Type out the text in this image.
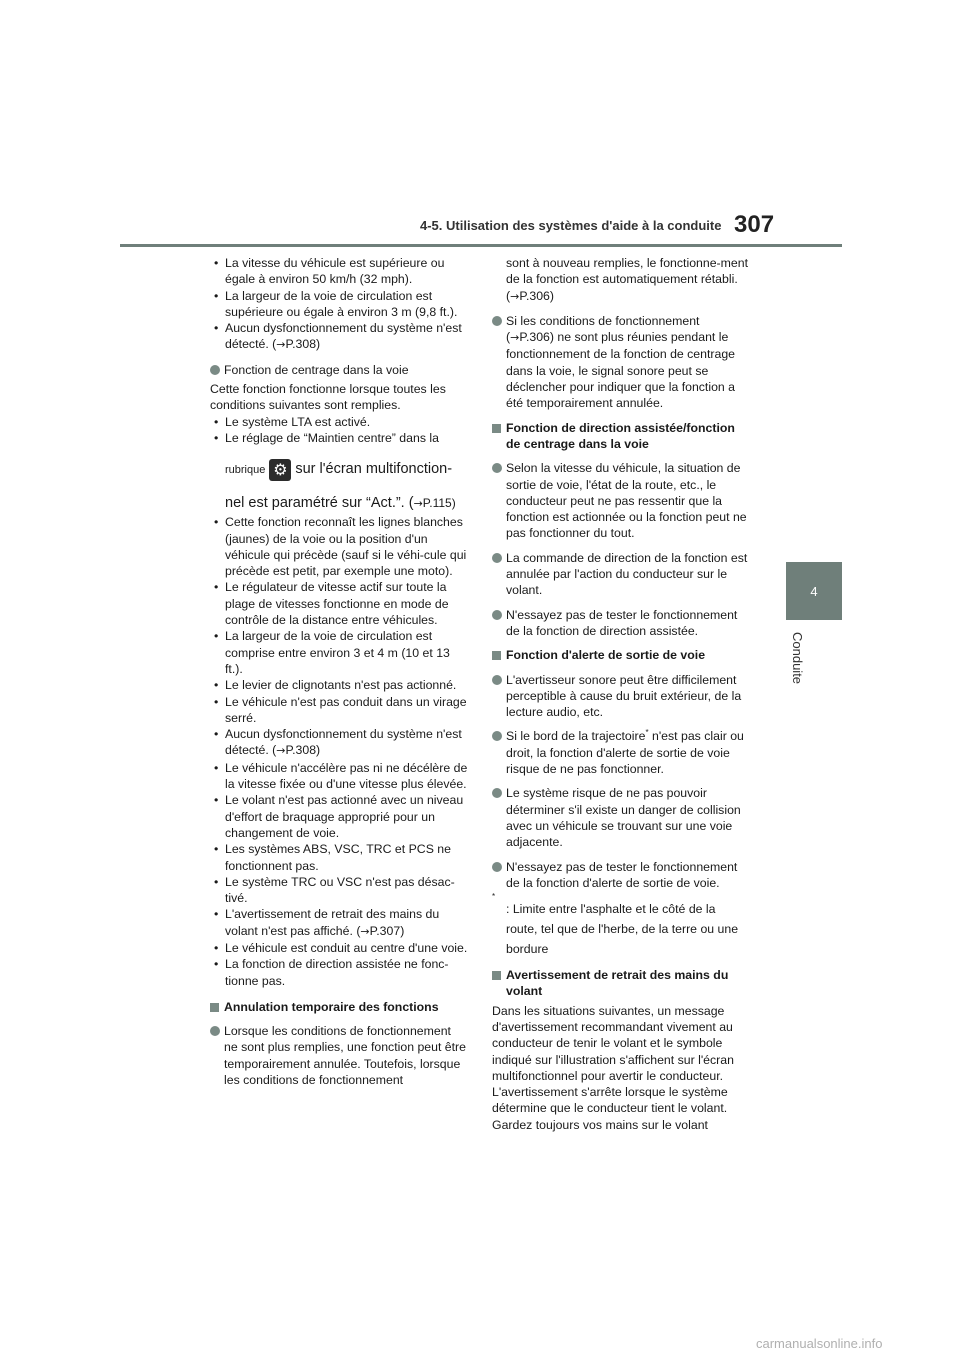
4-5. Utilisation des systèmes d'aide à la conduite 307
4
Conduite

• La vitesse du véhicule est supérieure ou égale à environ 50 km/h (32 mph).

• La largeur de la voie de circulation est supérieure ou égale à environ 3 m (9,8 ft.).

• Aucun dysfonctionnement du système n'est détecté. (→P.308)

Fonction de centrage dans la voie

Cette fonction fonctionne lorsque toutes les conditions suivantes sont remplies.

• Le système LTA est activé.

• Le réglage de “Maintien centre” dans la

rubrique⚙ sur l'écran multifonction-

nel est paramétré sur “Act.”. (→P.115)

• Cette fonction reconnaît les lignes blanches (jaunes) de la voie ou la position d'un véhicule qui précède (sauf si le véhi-cule qui précède est petit, par exemple une moto).

• Le régulateur de vitesse actif sur toute la plage de vitesses fonctionne en mode de contrôle de la distance entre véhicules.

• La largeur de la voie de circulation est comprise entre environ 3 et 4 m (10 et 13 ft.).

• Le levier de clignotants n'est pas actionné.

• Le véhicule n'est pas conduit dans un virage serré.

• Aucun dysfonctionnement du système n'est détecté. (→P.308)

• Le véhicule n'accélère pas ni ne décélère de la vitesse fixée ou d'une vitesse plus élevée.

• Le volant n'est pas actionné avec un niveau d'effort de braquage approprié pour un changement de voie.

• Les systèmes ABS, VSC, TRC et PCS ne fonctionnent pas.

• Le système TRC ou VSC n'est pas désac-tivé.

• L'avertissement de retrait des mains du volant n'est pas affiché. (→P.307)

• Le véhicule est conduit au centre d'une voie.

• La fonction de direction assistée ne fonc-tionne pas.

Annulation temporaire des fonctions

Lorsque les conditions de fonctionnement ne sont plus remplies, une fonction peut être temporairement annulée. Toutefois, lorsque les conditions de fonctionnement

sont à nouveau remplies, le fonctionne-ment de la fonction est automatiquement rétabli. (→P.306)

Si les conditions de fonctionnement (→P.306) ne sont plus réunies pendant le fonctionnement de la fonction de centrage dans la voie, le signal sonore peut se déclencher pour indiquer que la fonction a été temporairement annulée.

Fonction de direction assistée/fonction de centrage dans la voie

Selon la vitesse du véhicule, la situation de sortie de voie, l'état de la route, etc., le conducteur peut ne pas ressentir que la fonction est actionnée ou la fonction peut ne pas fonctionner du tout.

La commande de direction de la fonction est annulée par l'action du conducteur sur le volant.

N'essayez pas de tester le fonctionnement de la fonction de direction assistée.

Fonction d'alerte de sortie de voie

L'avertisseur sonore peut être difficilement perceptible à cause du bruit extérieur, de la lecture audio, etc.

Si le bord de la trajectoire* n'est pas clair ou droit, la fonction d'alerte de sortie de voie risque de ne pas fonctionner.

Le système risque de ne pas pouvoir déterminer s'il existe un danger de collision avec un véhicule se trouvant sur une voie adjacente.

N'essayez pas de tester le fonctionnement de la fonction d'alerte de sortie de voie.

*
: Limite entre l'asphalte et le côté de la route, tel que de l'herbe, de la terre ou une bordure

Avertissement de retrait des mains du volant

Dans les situations suivantes, un message d'avertissement recommandant vivement au conducteur de tenir le volant et le symbole indiqué sur l'illustration s'affichent sur l'écran multifonctionnel pour avertir le conducteur. L'avertissement s'arrête lorsque le système détermine que le conducteur tient le volant. Gardez toujours vos mains sur le volant

carmanualsonline.info
